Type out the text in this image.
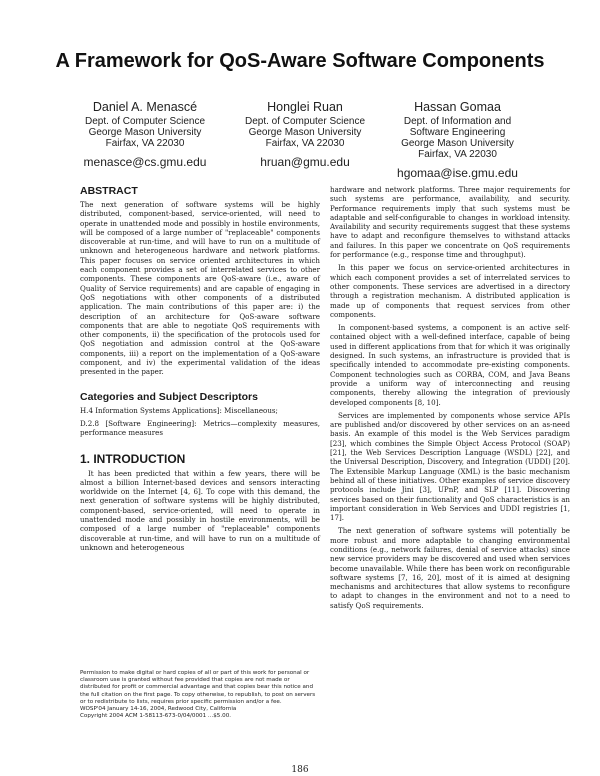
A Framework for QoS-Aware Software Components
Daniel A. Menascé
Dept. of Computer Science
George Mason University
Fairfax, VA 22030
menasce@cs.gmu.edu
Honglei Ruan
Dept. of Computer Science
George Mason University
Fairfax, VA 22030
hruan@gmu.edu
Hassan Gomaa
Dept. of Information and
Software Engineering
George Mason University
Fairfax, VA 22030
hgomaa@ise.gmu.edu
ABSTRACT

The next generation of software systems will be highly distributed, component-based, service-oriented, will need to operate in unattended mode and possibly in hostile environments, will be composed of a large number of "replaceable" components discoverable at run-time, and will have to run on a multitude of unknown and heterogeneous hardware and network platforms. This paper focuses on service oriented architectures in which each component provides a set of interrelated services to other components. These components are QoS-aware (i.e., aware of Quality of Service requirements) and are capable of engaging in QoS negotiations with other components of a distributed application. The main contributions of this paper are: i) the description of an architecture for QoS-aware software components that are able to negotiate QoS requirements with other components, ii) the specification of the protocols used for QoS negotiation and admission control at the QoS-aware components, iii) a report on the implementation of a QoS-aware component, and iv) the experimental validation of the ideas presented in the paper.

Categories and Subject Descriptors

H.4 Information Systems Applications]: Miscellaneous;

D.2.8 [Software Engineering]: Metrics—complexity measures, performance measures

1. INTRODUCTION

It has been predicted that within a few years, there will be almost a billion Internet-based devices and sensors interacting worldwide on the Internet [4, 6]. To cope with this demand, the next generation of software systems will be highly distributed, component-based, service-oriented, will need to operate in unattended mode and possibly in hostile environments, will be composed of a large number of "replaceable" components discoverable at run-time, and will have to run on a multitude of unknown and heterogeneous

hardware and network platforms. Three major requirements for such systems are performance, availability, and security. Performance requirements imply that such systems must be adaptable and self-configurable to changes in workload intensity. Availability and security requirements suggest that these systems have to adapt and reconfigure themselves to withstand attacks and failures. In this paper we concentrate on QoS requirements for performance (e.g., response time and throughput).

In this paper we focus on service-oriented architectures in which each component provides a set of interrelated services to other components. These services are advertised in a directory through a registration mechanism. A distributed application is made up of components that request services from other components.

In component-based systems, a component is an active self-contained object with a well-defined interface, capable of being used in different applications from that for which it was originally designed. In such systems, an infrastructure is provided that is specifically intended to accommodate pre-existing components. Component technologies such as CORBA, COM, and Java Beans provide a uniform way of interconnecting and reusing components, thereby allowing the integration of previously developed components [8, 10].

Services are implemented by components whose service APIs are published and/or discovered by other services on an as-need basis. An example of this model is the Web Services paradigm [23], which combines the Simple Object Access Protocol (SOAP) [21], the Web Services Description Language (WSDL) [22], and the Universal Description, Discovery, and Integration (UDDI) [20]. The Extensible Markup Language (XML) is the basic mechanism behind all of these initiatives. Other examples of service discovery protocols include Jini [3], UPnP, and SLP [11]. Discovering services based on their functionality and QoS characteristics is an important consideration in Web Services and UDDI registries [1, 17].

The next generation of software systems will potentially be more robust and more adaptable to changing environmental conditions (e.g., network failures, denial of service attacks) since new service providers may be discovered and used when services become unavailable. While there has been work on reconfigurable software systems [7, 16, 20], most of it is aimed at designing mechanisms and architectures that allow systems to reconfigure to adapt to changes in the environment and not to a need to satisfy QoS requirements.

Permission to make digital or hard copies of all or part of this work for personal or classroom use is granted without fee provided that copies are not made or distributed for profit or commercial advantage and that copies bear this notice and the full citation on the first page. To copy otherwise, to republish, to post on servers or to redistribute to lists, requires prior specific permission and/or a fee.
WOSP'04 January 14-16, 2004, Redwood City, California
Copyright 2004 ACM 1-58113-673-0/04/0001 ...$5.00.
186
